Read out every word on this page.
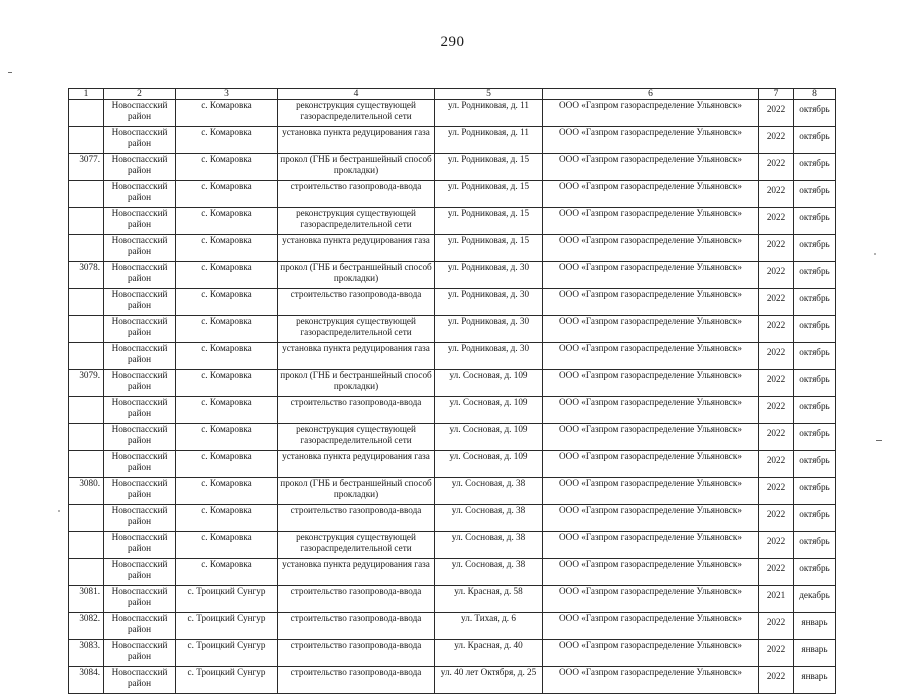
290
1	2	3	4	5	6	7	8
	Новоспасский район	с. Комаровка	реконструкция существующей газораспределительной сети	ул. Родниковая, д. 11	ООО «Газпром газораспределение Ульяновск»	2022	октябрь
	Новоспасский район	с. Комаровка	установка пункта редуцирования газа	ул. Родниковая, д. 11	ООО «Газпром газораспределение Ульяновск»	2022	октябрь
3077.	Новоспасский район	с. Комаровка	прокол (ГНБ и бестраншейный способ прокладки)	ул. Родниковая, д. 15	ООО «Газпром газораспределение Ульяновск»	2022	октябрь
	Новоспасский район	с. Комаровка	строительство газопровода-ввода	ул. Родниковая, д. 15	ООО «Газпром газораспределение Ульяновск»	2022	октябрь
	Новоспасский район	с. Комаровка	реконструкция существующей газораспределительной сети	ул. Родниковая, д. 15	ООО «Газпром газораспределение Ульяновск»	2022	октябрь
	Новоспасский район	с. Комаровка	установка пункта редуцирования газа	ул. Родниковая, д. 15	ООО «Газпром газораспределение Ульяновск»	2022	октябрь
3078.	Новоспасский район	с. Комаровка	прокол (ГНБ и бестраншейный способ прокладки)	ул. Родниковая, д. 30	ООО «Газпром газораспределение Ульяновск»	2022	октябрь
	Новоспасский район	с. Комаровка	строительство газопровода-ввода	ул. Родниковая, д. 30	ООО «Газпром газораспределение Ульяновск»	2022	октябрь
	Новоспасский район	с. Комаровка	реконструкция существующей газораспределительной сети	ул. Родниковая, д. 30	ООО «Газпром газораспределение Ульяновск»	2022	октябрь
	Новоспасский район	с. Комаровка	установка пункта редуцирования газа	ул. Родниковая, д. 30	ООО «Газпром газораспределение Ульяновск»	2022	октябрь
3079.	Новоспасский район	с. Комаровка	прокол (ГНБ и бестраншейный способ прокладки)	ул. Сосновая, д. 109	ООО «Газпром газораспределение Ульяновск»	2022	октябрь
	Новоспасский район	с. Комаровка	строительство газопровода-ввода	ул. Сосновая, д. 109	ООО «Газпром газораспределение Ульяновск»	2022	октябрь
	Новоспасский район	с. Комаровка	реконструкция существующей газораспределительной сети	ул. Сосновая, д. 109	ООО «Газпром газораспределение Ульяновск»	2022	октябрь
	Новоспасский район	с. Комаровка	установка пункта редуцирования газа	ул. Сосновая, д. 109	ООО «Газпром газораспределение Ульяновск»	2022	октябрь
3080.	Новоспасский район	с. Комаровка	прокол (ГНБ и бестраншейный способ прокладки)	ул. Сосновая, д. 38	ООО «Газпром газораспределение Ульяновск»	2022	октябрь
	Новоспасский район	с. Комаровка	строительство газопровода-ввода	ул. Сосновая, д. 38	ООО «Газпром газораспределение Ульяновск»	2022	октябрь
	Новоспасский район	с. Комаровка	реконструкция существующей газораспределительной сети	ул. Сосновая, д. 38	ООО «Газпром газораспределение Ульяновск»	2022	октябрь
	Новоспасский район	с. Комаровка	установка пункта редуцирования газа	ул. Сосновая, д. 38	ООО «Газпром газораспределение Ульяновск»	2022	октябрь
3081.	Новоспасский район	с. Троицкий Сунгур	строительство газопровода-ввода	ул. Красная, д. 58	ООО «Газпром газораспределение Ульяновск»	2021	декабрь
3082.	Новоспасский район	с. Троицкий Сунгур	строительство газопровода-ввода	ул. Тихая, д. 6	ООО «Газпром газораспределение Ульяновск»	2022	январь
3083.	Новоспасский район	с. Троицкий Сунгур	строительство газопровода-ввода	ул. Красная, д. 40	ООО «Газпром газораспределение Ульяновск»	2022	январь
3084.	Новоспасский район	с. Троицкий Сунгур	строительство газопровода-ввода	ул. 40 лет Октября, д. 25	ООО «Газпром газораспределение Ульяновск»	2022	январь
